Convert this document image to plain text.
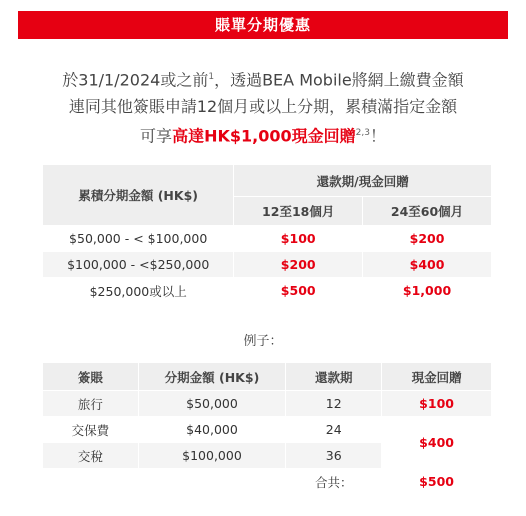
賬單分期優惠
於31/1/2024或之前$^1$，透過BEA Mobile將網上繳費金額
連同其他簽賬申請12個月或以上分期，累積滿指定金額
可享高達HK$1,000現金回贈$^{2,3}$！
累積分期金額 (HK$)	還款期/現金回贈	
	12至18個月	24至60個月
$50,000 - < $100,000	$100	$200
$100,000 - <$250,000	$200	$400
$250,000或以上	$500	$1,000
例子：
簽賬	分期金額 (HK$)	還款期	現金回贈
旅行	$50,000	12	$100
交保費	$40,000	24	$400
交稅	$100,000	36	
		合共：	$500
